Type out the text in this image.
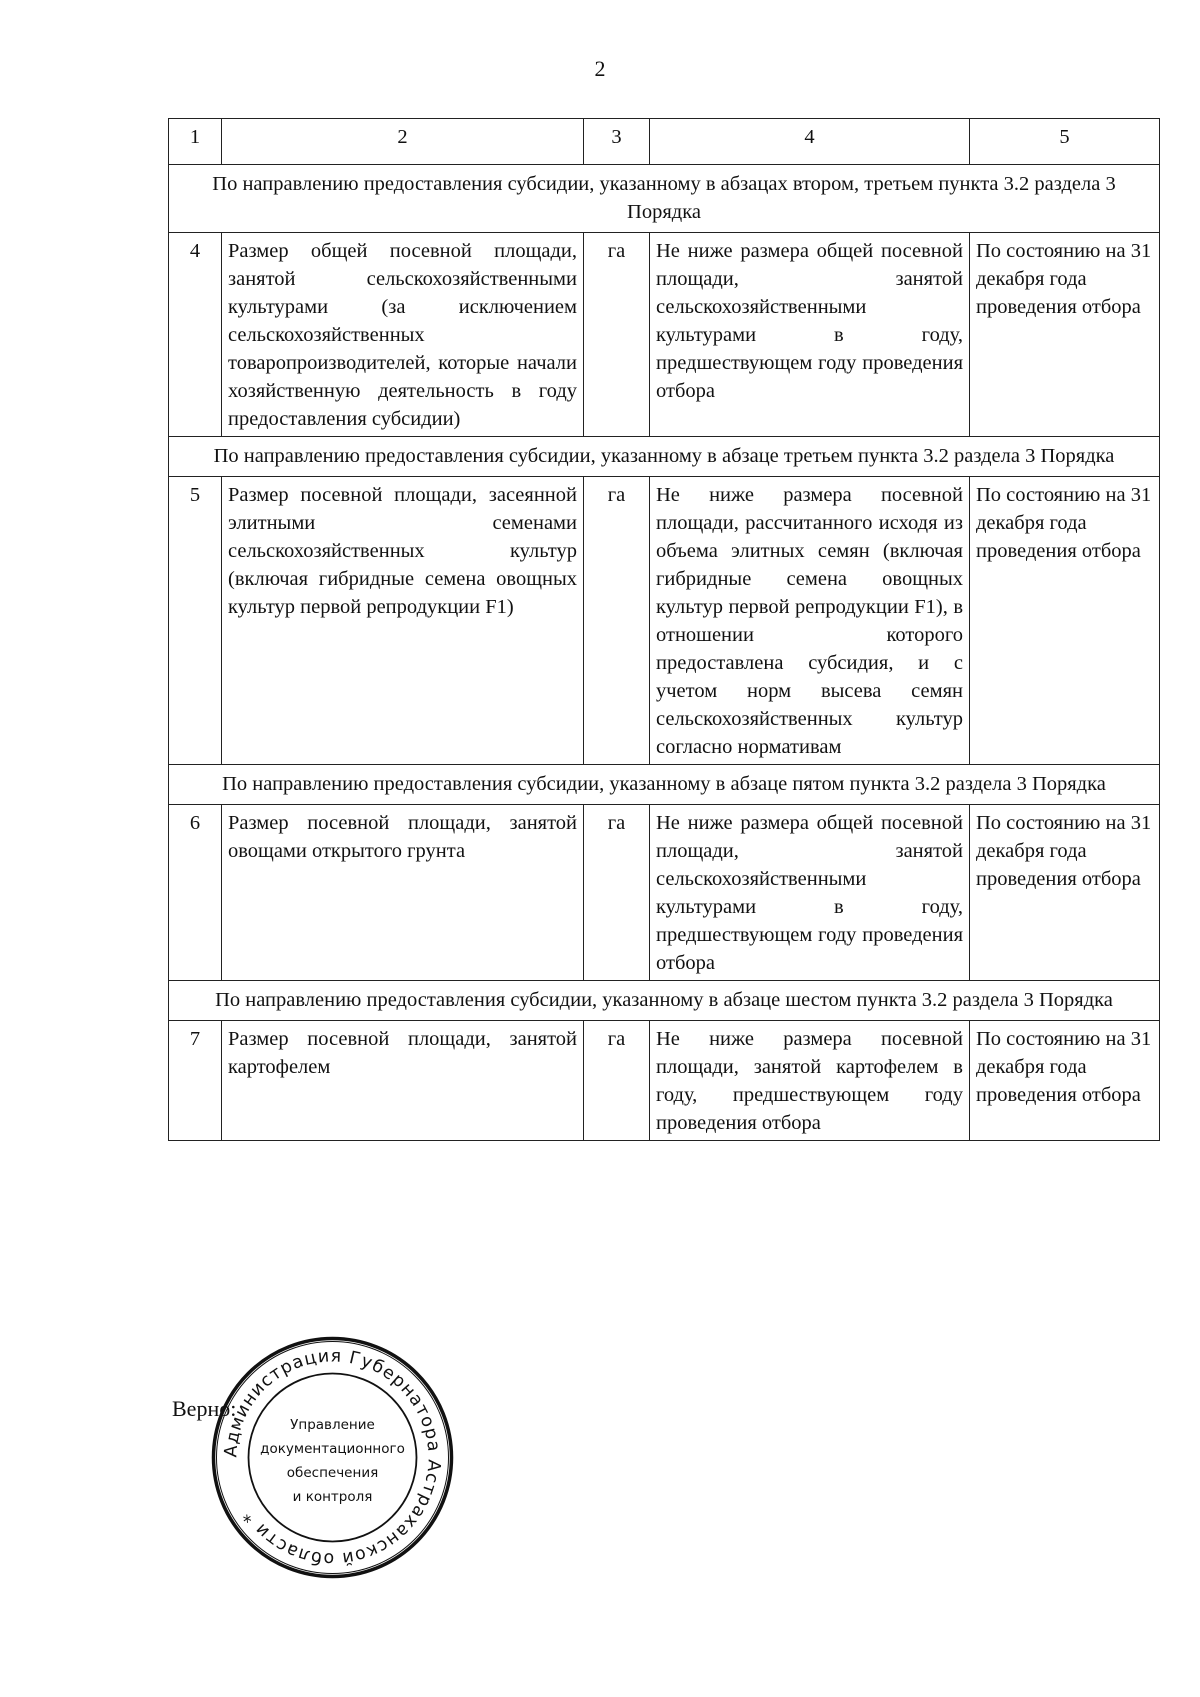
2
1	2	3	4	5
По направлению предоставления субсидии, указанному в абзацах втором, третьем пункта 3.2 раздела 3 Порядка				
4	Размер общей посевной площади, занятой сельскохозяйственными культурами (за исключением сельскохозяйственных товаропроизводителей, которые начали хозяйственную деятельность в году предоставления субсидии)	га	Не ниже размера общей посевной площади, занятой сельскохозяйственными культурами в году, предшествующем году проведения отбора	По состоянию на 31 декабря года проведения отбора
По направлению предоставления субсидии, указанному в абзаце третьем пункта 3.2 раздела 3 Порядка				
5	Размер посевной площади, засеянной элитными семенами сельскохозяйственных культур (включая гибридные семена овощных культур первой репродукции F1)	га	Не ниже размера посевной площади, рассчитанного исходя из объема элитных семян (включая гибридные семена овощных культур первой репродукции F1), в отношении которого предоставлена субсидия, и с учетом норм высева семян сельскохозяйственных культур согласно нормативам	По состоянию на 31 декабря года проведения отбора
По направлению предоставления субсидии, указанному в абзаце пятом пункта 3.2 раздела 3 Порядка				
6	Размер посевной площади, занятой овощами открытого грунта	га	Не ниже размера общей посевной площади, занятой сельскохозяйственными культурами в году, предшествующем году проведения отбора	По состоянию на 31 декабря года проведения отбора
По направлению предоставления субсидии, указанному в абзаце шестом пункта 3.2 раздела 3 Порядка				
7	Размер посевной площади, занятой картофелем	га	Не ниже размера посевной площади, занятой картофелем в году, предшествующем году проведения отбора	По состоянию на 31 декабря года проведения отбора
Верно:
Администрация Губернатора Астраханской области *
Управление
документационного
обеспечения
и контроля
